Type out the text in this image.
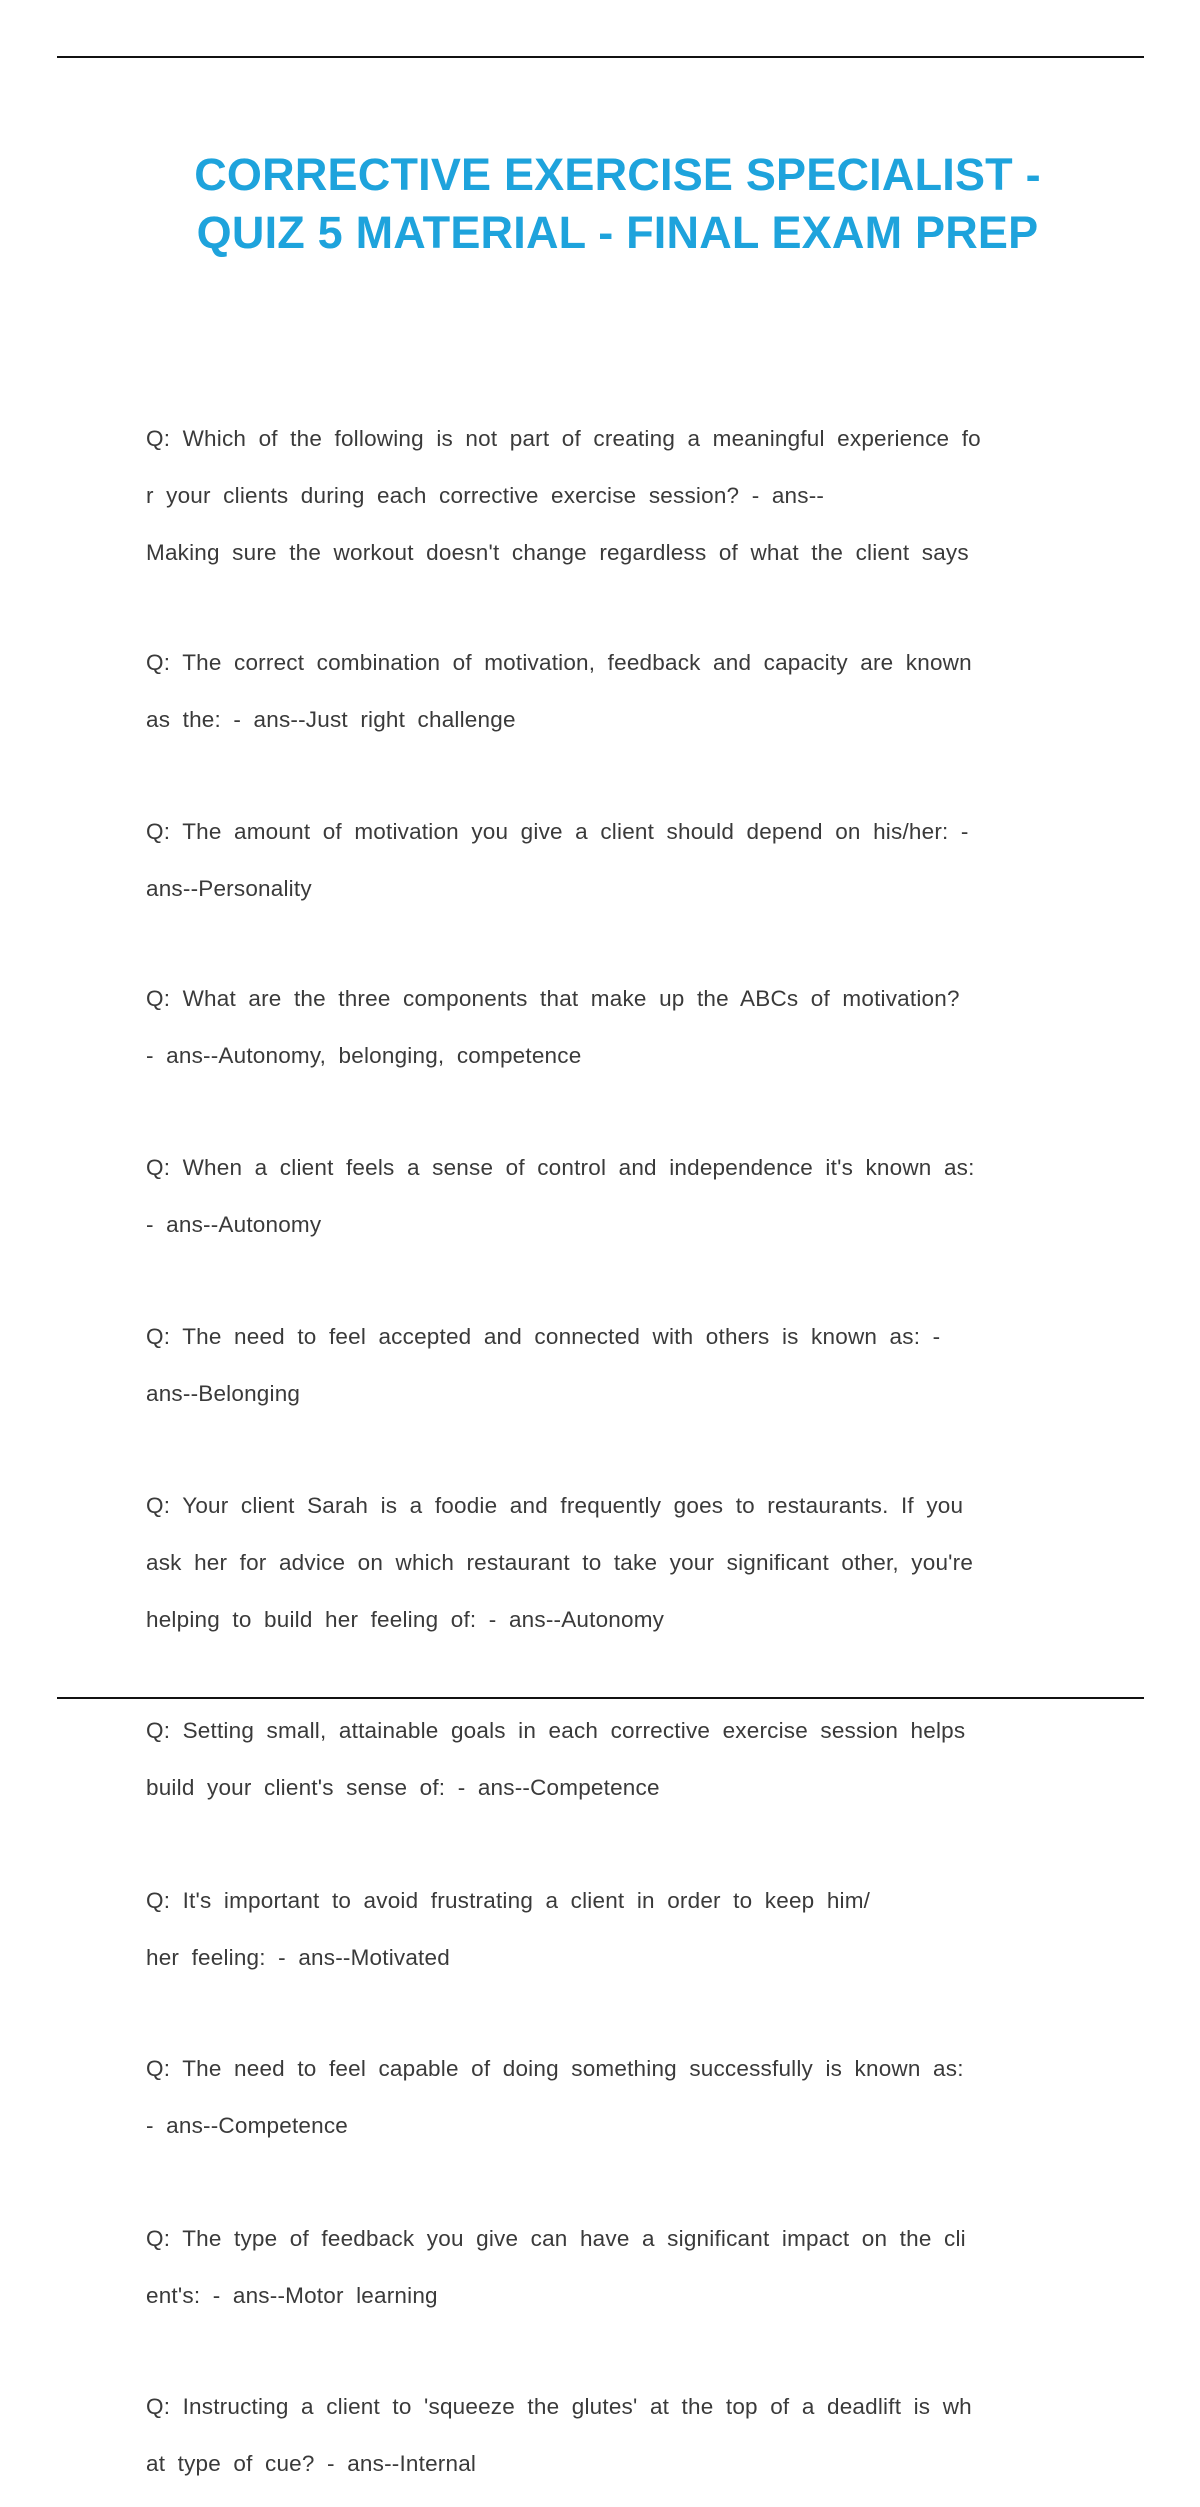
CORRECTIVE EXERCISE SPECIALIST -
QUIZ 5 MATERIAL - FINAL EXAM PREP

Q: Which of the following is not part of creating a meaningful experience fo

r your clients during each corrective exercise session? - ans--

Making sure the workout doesn't change regardless of what the client says

Q: The correct combination of motivation, feedback and capacity are known

as the: - ans--Just right challenge

Q: The amount of motivation you give a client should depend on his/her: -

ans--Personality

Q: What are the three components that make up the ABCs of motivation?

- ans--Autonomy, belonging, competence

Q: When a client feels a sense of control and independence it's known as:

- ans--Autonomy

Q: The need to feel accepted and connected with others is known as: -

ans--Belonging

Q: Your client Sarah is a foodie and frequently goes to restaurants. If you

ask her for advice on which restaurant to take your significant other, you're

helping to build her feeling of: - ans--Autonomy

Q: Setting small, attainable goals in each corrective exercise session helps

build your client's sense of: - ans--Competence

Q: It's important to avoid frustrating a client in order to keep him/

her feeling: - ans--Motivated

Q: The need to feel capable of doing something successfully is known as:

- ans--Competence

Q: The type of feedback you give can have a significant impact on the cli

ent's: - ans--Motor learning

Q: Instructing a client to 'squeeze the glutes' at the top of a deadlift is wh

at type of cue? - ans--Internal
